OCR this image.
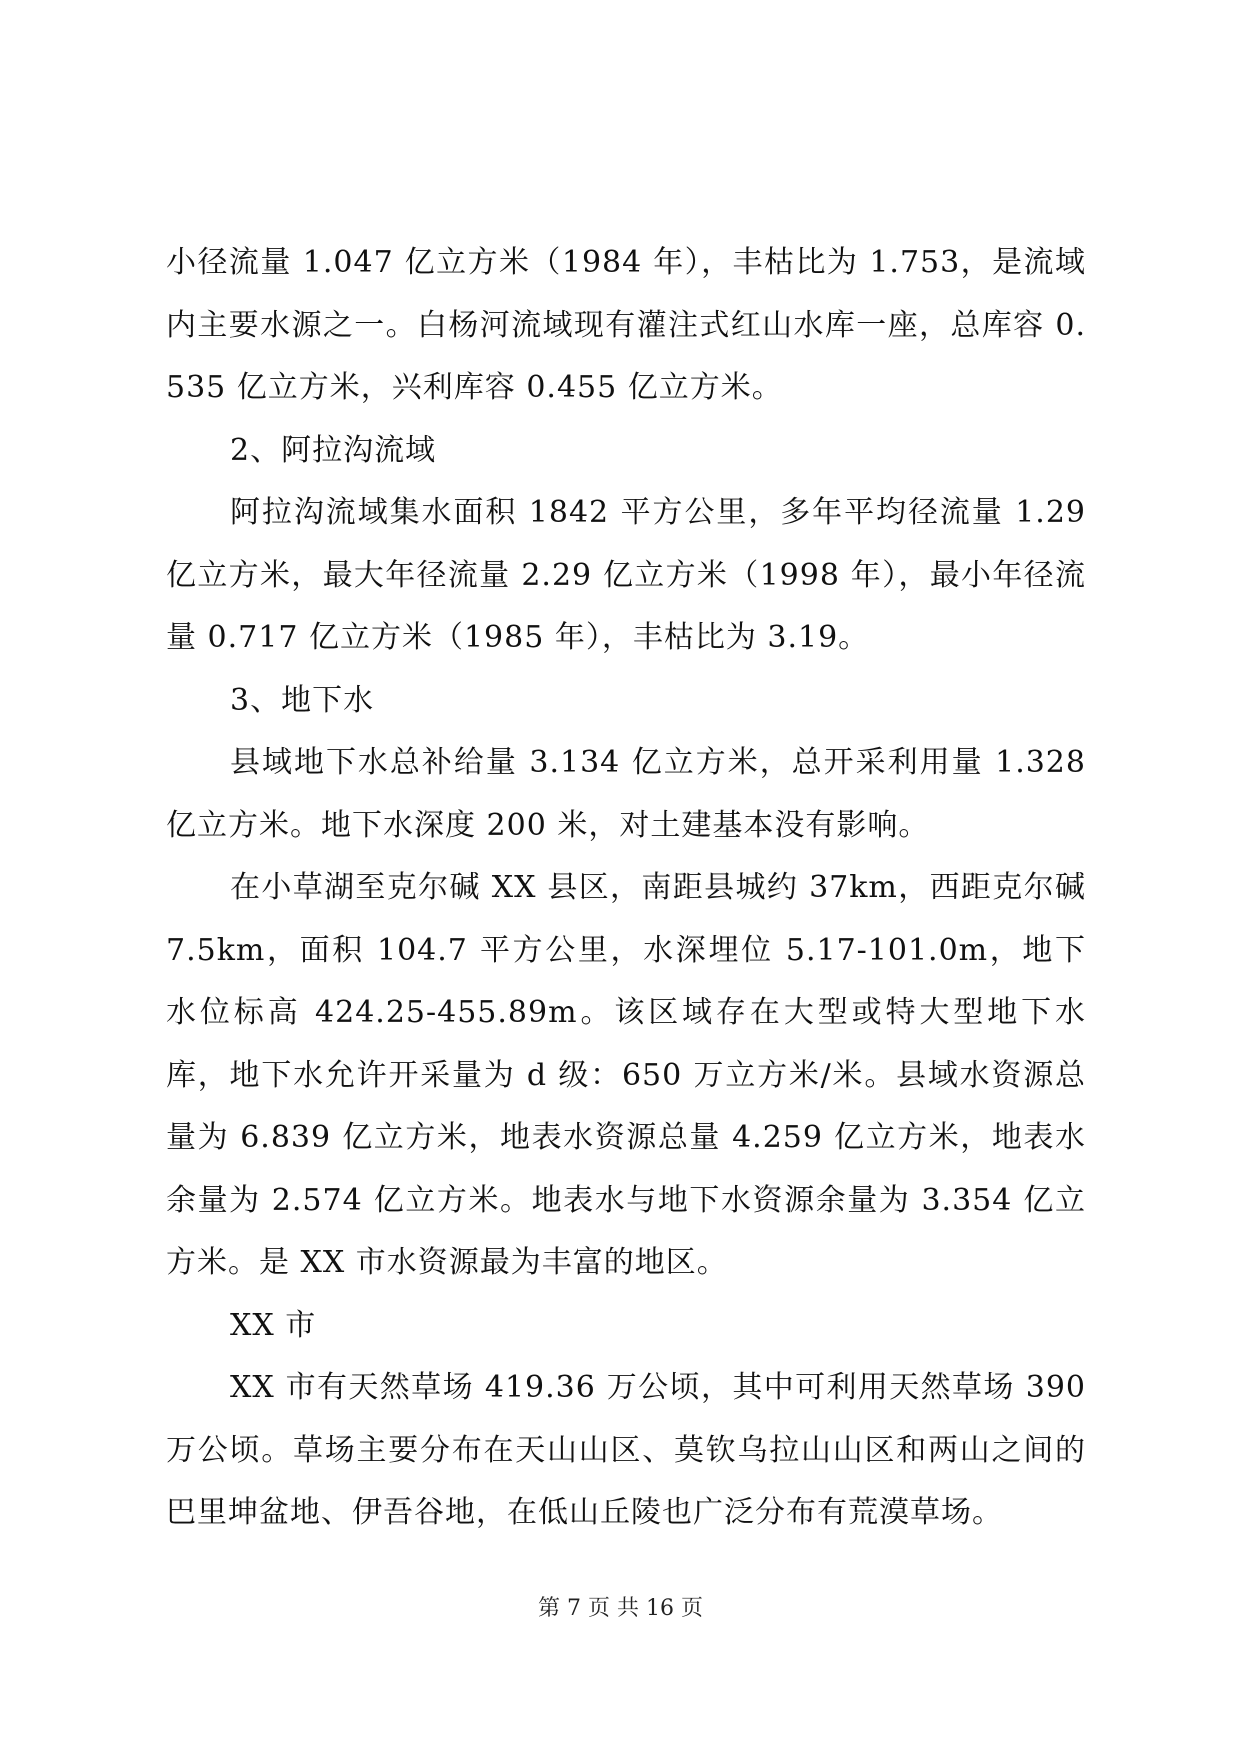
小径流量 1.047 亿立方米（1984 年），丰枯比为 1.753，是流域内主要水源之一。白杨河流域现有灌注式红山水库一座，总库容 0.535 亿立方米，兴利库容 0.455 亿立方米。

2、阿拉沟流域

阿拉沟流域集水面积 1842 平方公里，多年平均径流量 1.29 亿立方米，最大年径流量 2.29 亿立方米（1998 年），最小年径流量 0.717 亿立方米（1985 年），丰枯比为 3.19。

3、地下水

县域地下水总补给量 3.134 亿立方米，总开采利用量 1.328 亿立方米。地下水深度 200 米，对土建基本没有影响。

在小草湖至克尔碱 XX 县区，南距县城约 37km，西距克尔碱 7.5km，面积 104.7 平方公里，水深埋位 5.17-101.0m，地下水位标高 424.25-455.89m。该区域存在大型或特大型地下水库，地下水允许开采量为 d 级：650 万立方米/米。县域水资源总量为 6.839 亿立方米，地表水资源总量 4.259 亿立方米，地表水余量为 2.574 亿立方米。地表水与地下水资源余量为 3.354 亿立方米。是 XX 市水资源最为丰富的地区。

XX 市

XX 市有天然草场 419.36 万公顷，其中可利用天然草场 390 万公顷。草场主要分布在天山山区、莫钦乌拉山山区和两山之间的巴里坤盆地、伊吾谷地，在低山丘陵也广泛分布有荒漠草场。

第 7 页 共 16 页
